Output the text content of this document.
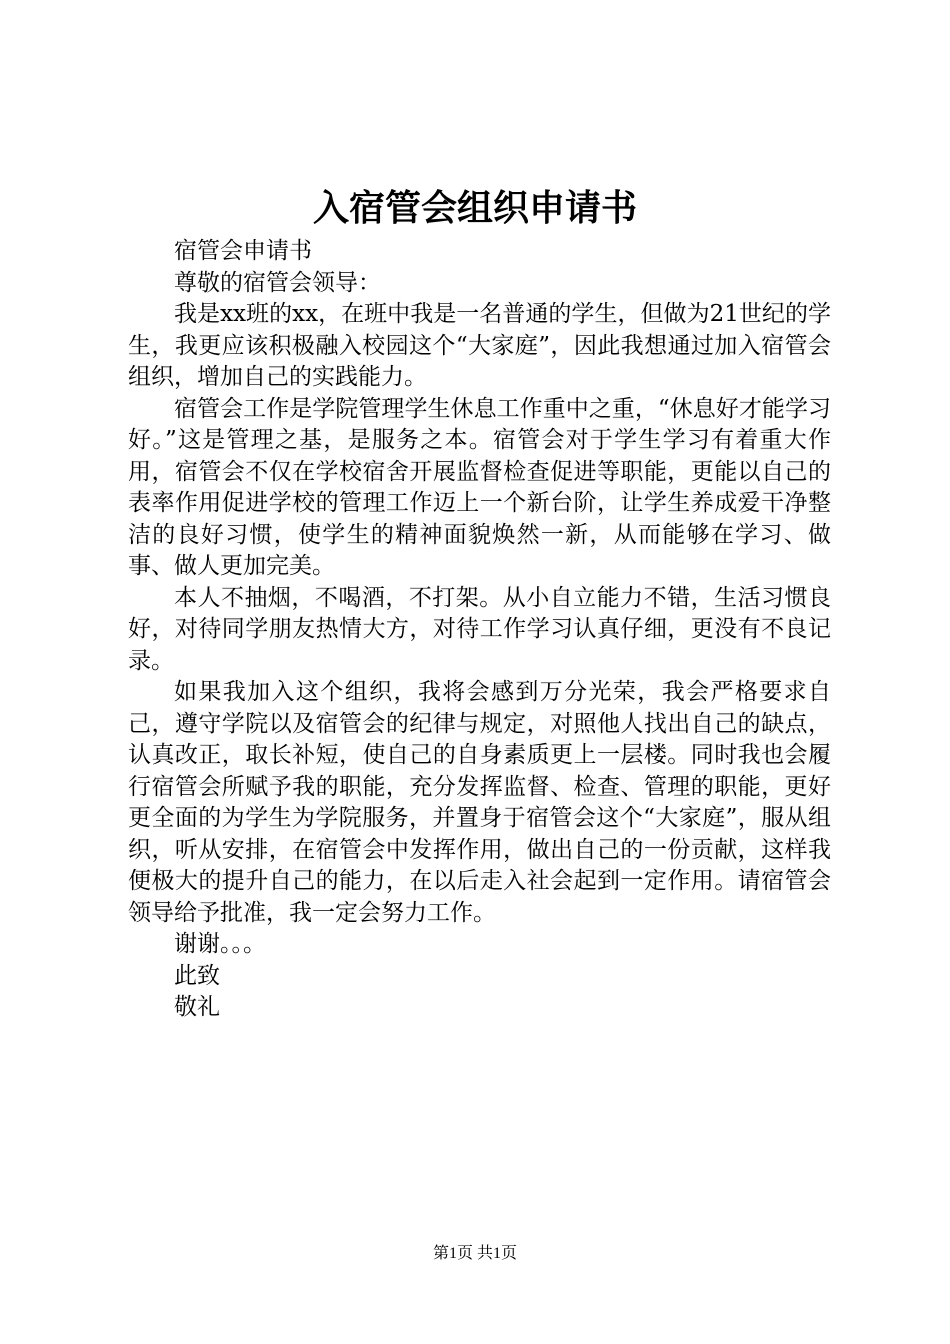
入宿管会组织申请书

宿管会申请书

尊敬的宿管会领导：

我是xx班的xx，在班中我是一名普通的学生，但做为21世纪的学生，我更应该积极融入校园这个“大家庭”，因此我想通过加入宿管会组织，增加自己的实践能力。

宿管会工作是学院管理学生休息工作重中之重，“休息好才能学习好。”这是管理之基，是服务之本。宿管会对于学生学习有着重大作用，宿管会不仅在学校宿舍开展监督检查促进等职能，更能以自己的表率作用促进学校的管理工作迈上一个新台阶，让学生养成爱干净整洁的良好习惯，使学生的精神面貌焕然一新，从而能够在学习、做事、做人更加完美。

本人不抽烟，不喝酒，不打架。从小自立能力不错，生活习惯良好，对待同学朋友热情大方，对待工作学习认真仔细，更没有不良记录。

如果我加入这个组织，我将会感到万分光荣，我会严格要求自己，遵守学院以及宿管会的纪律与规定，对照他人找出自己的缺点，认真改正，取长补短，使自己的自身素质更上一层楼。同时我也会履行宿管会所赋予我的职能，充分发挥监督、检查、管理的职能，更好更全面的为学生为学院服务，并置身于宿管会这个“大家庭”，服从组织，听从安排，在宿管会中发挥作用，做出自己的一份贡献，这样我便极大的提升自己的能力，在以后走入社会起到一定作用。请宿管会领导给予批准，我一定会努力工作。

谢谢。。。

此致

敬礼

第1页 共1页
